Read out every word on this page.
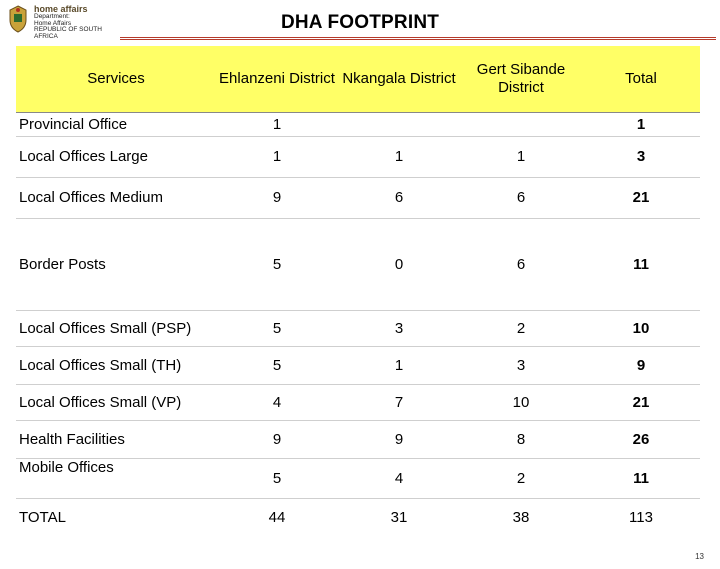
home affairs
Department:
Home Affairs
REPUBLIC OF SOUTH AFRICA
DHA FOOTPRINT
Services	Ehlanzeni District	Nkangala District	Gert Sibande District	Total
Provincial Office	1			1
Local Offices Large	1	1	1	3
Local Offices Medium	9	6	6	21
Border Posts	5	0	6	11
Local Offices Small (PSP)	5	3	2	10
Local Offices Small (TH)	5	1	3	9
Local Offices Small (VP)	4	7	10	21
Health Facilities	9	9	8	26
Mobile Offices	5	4	2	11
TOTAL	44	31	38	113
13
